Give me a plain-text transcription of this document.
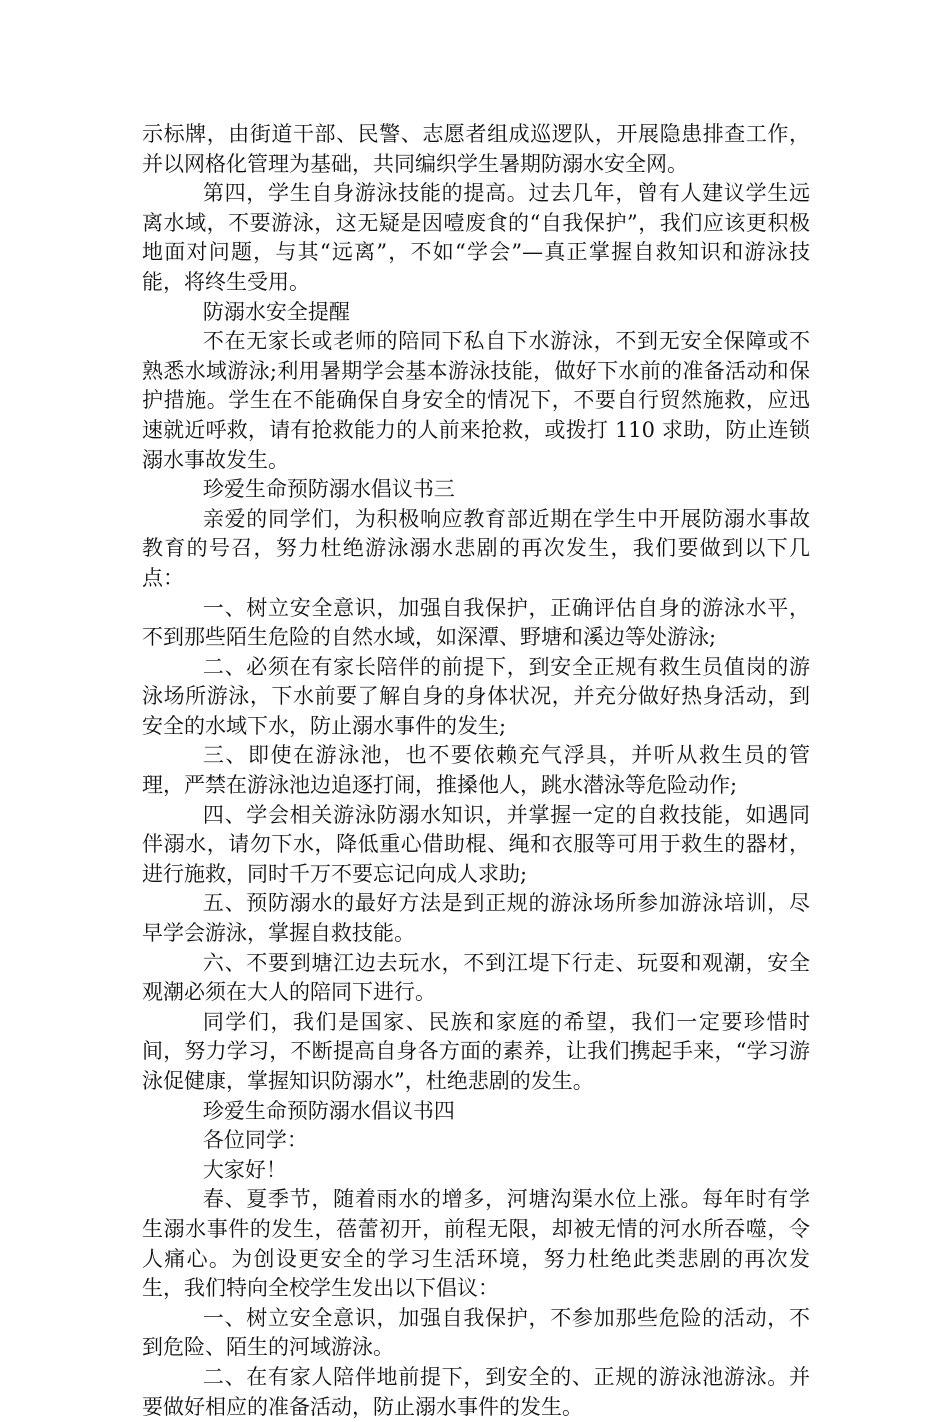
示标牌，由街道干部、民警、志愿者组成巡逻队，开展隐患排查工作，并以网格化管理为基础，共同编织学生暑期防溺水安全网。

第四，学生自身游泳技能的提高。过去几年，曾有人建议学生远离水域，不要游泳，这无疑是因噎废食的“自我保护”，我们应该更积极地面对问题，与其“远离”，不如“学会”—真正掌握自救知识和游泳技能，将终生受用。

防溺水安全提醒

不在无家长或老师的陪同下私自下水游泳，不到无安全保障或不熟悉水域游泳;利用暑期学会基本游泳技能，做好下水前的准备活动和保护措施。学生在不能确保自身安全的情况下，不要自行贸然施救，应迅速就近呼救，请有抢救能力的人前来抢救，或拨打 110 求助，防止连锁溺水事故发生。

珍爱生命预防溺水倡议书三

亲爱的同学们，为积极响应教育部近期在学生中开展防溺水事故教育的号召，努力杜绝游泳溺水悲剧的再次发生，我们要做到以下几点：

一、树立安全意识，加强自我保护，正确评估自身的游泳水平，不到那些陌生危险的自然水域，如深潭、野塘和溪边等处游泳;

二、必须在有家长陪伴的前提下，到安全正规有救生员值岗的游泳场所游泳，下水前要了解自身的身体状况，并充分做好热身活动，到安全的水域下水，防止溺水事件的发生;

三、即使在游泳池，也不要依赖充气浮具，并听从救生员的管理，严禁在游泳池边追逐打闹，推搡他人，跳水潜泳等危险动作;

四、学会相关游泳防溺水知识，并掌握一定的自救技能，如遇同伴溺水，请勿下水，降低重心借助棍、绳和衣服等可用于救生的器材，进行施救，同时千万不要忘记向成人求助;

五、预防溺水的最好方法是到正规的游泳场所参加游泳培训，尽早学会游泳，掌握自救技能。

六、不要到塘江边去玩水，不到江堤下行走、玩耍和观潮，安全观潮必须在大人的陪同下进行。

同学们，我们是国家、民族和家庭的希望，我们一定要珍惜时间，努力学习，不断提高自身各方面的素养，让我们携起手来，“学习游泳促健康，掌握知识防溺水”，杜绝悲剧的发生。

珍爱生命预防溺水倡议书四

各位同学：

大家好！

春、夏季节，随着雨水的增多，河塘沟渠水位上涨。每年时有学生溺水事件的发生，蓓蕾初开，前程无限，却被无情的河水所吞噬，令人痛心。为创设更安全的学习生活环境，努力杜绝此类悲剧的再次发生，我们特向全校学生发出以下倡议：

一、树立安全意识，加强自我保护，不参加那些危险的活动，不到危险、陌生的河域游泳。

二、在有家人陪伴地前提下，到安全的、正规的游泳池游泳。并要做好相应的准备活动，防止溺水事件的发生。
